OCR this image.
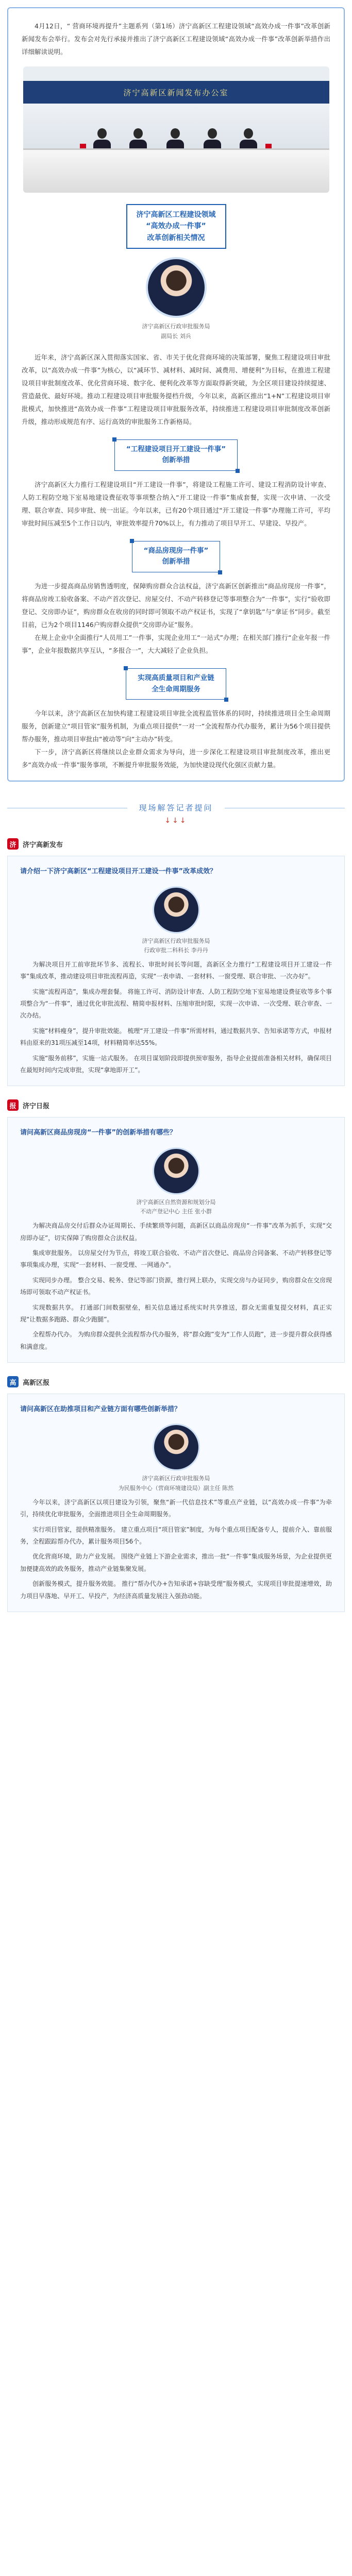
4月12日，“ 营商环境再提升”主题系列（第1场）济宁高新区工程建设领域“高效办成一件事”改革创新新闻发布会举行。发布会对先行承接并推出了济宁高新区工程建设领域“高效办成一件事”改革创新举措作出详细解读说明。

济宁高新区新闻发布办公室
济宁高新区工程建设领域
“高效办成一件事”
改革创新相关情况
济宁高新区行政审批服务局
副局长 刘兵

近年来，济宁高新区深入贯彻落实国家、省、市关于优化营商环境的决策部署，聚焦工程建设项目审批改革，以“高效办成一件事”为核心，以“减环节、减材料、减时间、减费用、增便利”为目标，在推进工程建设项目审批制度改革、优化营商环境、数字化、便利化改革等方面取得新突破，为全区项目建设持续提速、营造最优、最好环境。推动工程建设项目审批服务提档升级，今年以来，高新区推出“1+N”工程建设项目审批模式，加快推进“高效办成一件事”工程建设项目审批服务改革，持续推进工程建设项目审批制度改革创新升级，推动形成规范有序、运行高效的审批服务工作新格局。

“工程建设项目开工建设一件事”
创新举措

济宁高新区大力推行工程建设项目“开工建设一件事”，将建设工程施工许可、建设工程消防设计审查、人防工程防空地下室易地建设费征收等事项整合纳入“开工建设一件事”集成套餐，实现一次申请、一次受理、联合审查、同步审批、统一出证。今年以来，已有20个项目通过“开工建设一件事”办理施工许可，平均审批时间压减至5个工作日以内，审批效率提升70%以上，有力推动了项目早开工、早建设、早投产。

“商品房现房一件事”
创新举措

为进一步提高商品房销售透明度，保障购房群众合法权益，济宁高新区创新推出“商品房现房一件事”，将商品房竣工验收备案、不动产首次登记、房屋交付、不动产转移登记等事项整合为“一件事”，实行“验收即登记、交房即办证”，购房群众在收房的同时即可领取不动产权证书，实现了“拿钥匙”与“拿证书”同步。截至目前，已为2个项目1146户购房群众提供“交房即办证”服务。

在规上企业中全面推行“人员用工”一件事，实现企业用工“一站式”办理；在相关部门推行“企业年报一件事”，企业年报数据共享互认，“多报合一”，大大减轻了企业负担。

实现高质量项目和产业链
全生命周期服务

今年以来，济宁高新区在加快构建工程建设项目审批全流程监管体系的同时，持续推进项目全生命周期服务，创新建立“项目管家”服务机制，为重点项目提供“一对一”全流程帮办代办服务，累计为56个项目提供帮办服务，推动项目审批由“被动等”向“主动办”转变。

下一步，济宁高新区将继续以企业群众需求为导向，进一步深化工程建设项目审批制度改革，推出更多“高效办成一件事”服务事项，不断提升审批服务效能，为加快建设现代化强区贡献力量。

现场解答记者提问
↓↓↓
济 济宁高新发布
请介绍一下济宁高新区“工程建设项目开工建设一件事”改革成效？
济宁高新区行政审批服务局
行政审批二科科长 李丹丹

为解决项目开工前审批环节多、流程长、审批时间长等问题，高新区全力推行“工程建设项目开工建设一件事”集成改革，推动建设项目审批流程再造，实现“一表申请、一套材料、一窗受理、联合审批、一次办好”。

实施“流程再造”，集成办理套餐。 将施工许可、消防设计审查、人防工程防空地下室易地建设费征收等多个事项整合为“一件事”，通过优化审批流程、精简申报材料、压缩审批时限，实现一次申请、一次受理、联合审查、一次办结。

实施“材料瘦身”，提升审批效能。 梳理“开工建设一件事”所需材料，通过数据共享、告知承诺等方式，申报材料由原来的31项压减至14项，材料精简率达55%。

实施“服务前移”，实施一站式服务。 在项目谋划阶段即提供预审服务，指导企业提前准备相关材料，确保项目在最短时间内完成审批，实现“拿地即开工”。

报 济宁日报
请问高新区商品房现房“一件事”的创新举措有哪些？
济宁高新区自然资源和规划分局
不动产登记中心 主任 张小群

为解决商品房交付后群众办证周期长、手续繁琐等问题，高新区以商品房现房“一件事”改革为抓手，实现“交房即办证”，切实保障了购房群众合法权益。

集成审批服务。 以房屋交付为节点，将竣工联合验收、不动产首次登记、商品房合同备案、不动产转移登记等事项集成办理，实现“一套材料、一窗受理、一网通办”。

实现同步办理。 整合交易、税务、登记等部门资源，推行网上联办，实现交房与办证同步，购房群众在交房现场即可领取不动产权证书。

实现数据共享。 打通部门间数据壁垒，相关信息通过系统实时共享推送，群众无需重复提交材料，真正实现“让数据多跑路、群众少跑腿”。

全程帮办代办。 为购房群众提供全流程帮办代办服务，将“群众跑”变为“工作人员跑”，进一步提升群众获得感和满意度。

高 高新区报
请问高新区在助推项目和产业链方面有哪些创新举措？
济宁高新区行政审批服务局
为民服务中心（营商环境建设局）副主任 陈然

今年以来，济宁高新区以项目建设为引领，聚焦“新一代信息技术”等重点产业链，以“高效办成一件事”为牵引，持续优化审批服务，全面推进项目全生命周期服务。

实行项目管家，提供精准服务。 建立重点项目“项目管家”制度，为每个重点项目配备专人，提前介入、靠前服务，全程跟踪帮办代办，累计服务项目56个。

优化营商环境，助力产业发展。 围绕产业链上下游企业需求，推出一批“一件事”集成服务场景，为企业提供更加便捷高效的政务服务，推动产业链集聚发展。

创新服务模式，提升服务效能。 推行“帮办代办+告知承诺+容缺受理”服务模式，实现项目审批提速增效，助力项目早落地、早开工、早投产，为经济高质量发展注入强劲动能。
